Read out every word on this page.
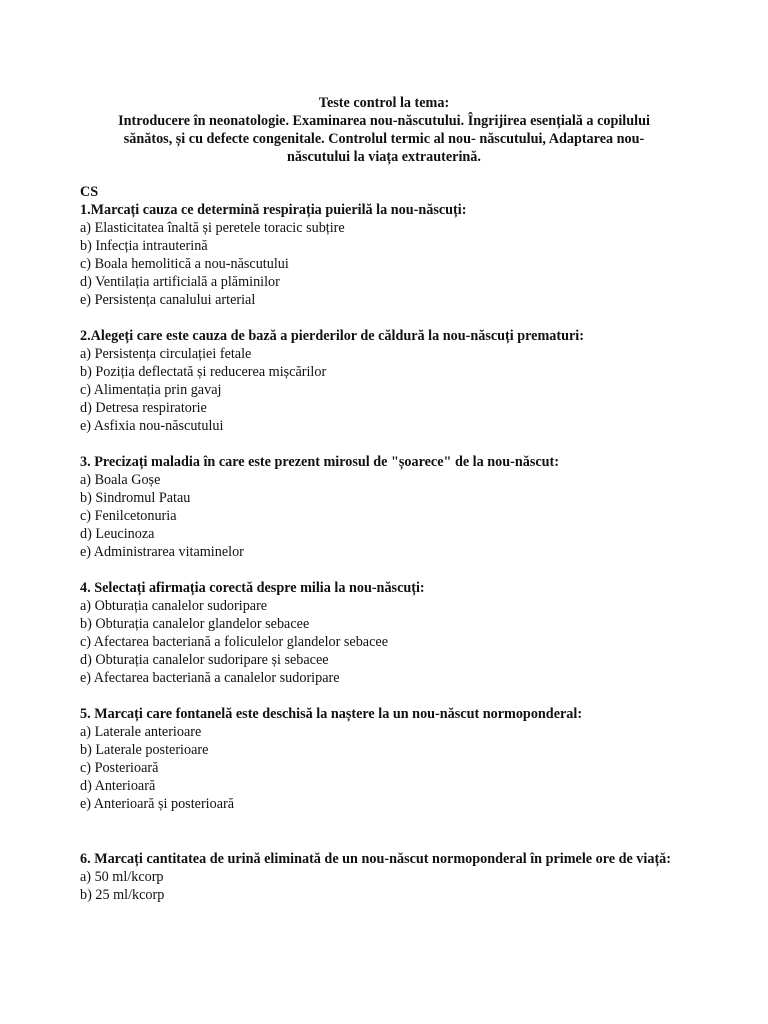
Teste control la tema:
Introducere în neonatologie. Examinarea nou-născutului. Îngrijirea esențială a copilului
sănătos, și cu defecte congenitale. Controlul termic al nou- născutului, Adaptarea nou-
născutului la viața extrauterină.
CS
1.Marcați cauza ce determină respirația puierilă la nou-născuți:
a) Elasticitatea înaltă și peretele toracic subțire
b) Infecția intrauterină
c) Boala hemolitică a nou-născutului
d) Ventilația artificială a plăminilor
e) Persistența canalului arterial
2.Alegeți care este cauza de bază a pierderilor de căldură la nou-născuți prematuri:
a) Persistența circulației fetale
b) Poziția deflectată și reducerea mișcărilor
c) Alimentația prin gavaj
d) Detresa respiratorie
e) Asfixia nou-născutului
3. Precizați maladia în care este prezent mirosul de "șoarece" de la nou-născut:
a) Boala Goșe
b) Sindromul Patau
c) Fenilcetonuria
d) Leucinoza
e) Administrarea vitaminelor
4. Selectați afirmația corectă despre milia la nou-născuți:
a) Obturația canalelor sudoripare
b) Obturația canalelor glandelor sebacee
c) Afectarea bacteriană a foliculelor glandelor sebacee
d) Obturația canalelor sudoripare și sebacee
e) Afectarea bacteriană a canalelor sudoripare
5. Marcați care fontanelă este deschisă la naștere la un nou-născut normoponderal:
a) Laterale anterioare
b) Laterale posterioare
c) Posterioară
d) Anterioară
e) Anterioară și posterioară
6. Marcați cantitatea de urină eliminată de un nou-născut normoponderal în primele ore de viață:
a) 50 ml/kcorp
b) 25 ml/kcorp
